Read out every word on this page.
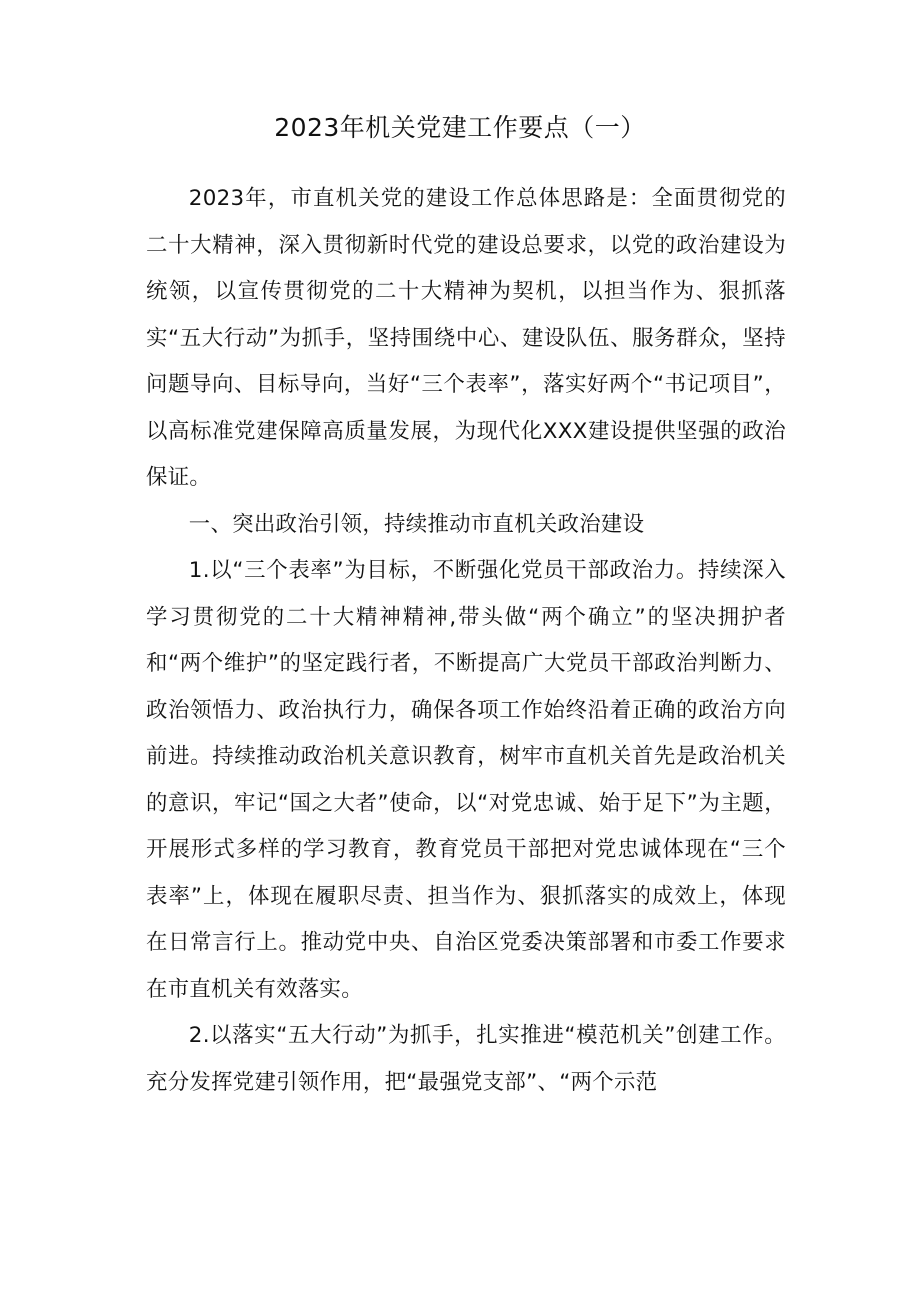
2023年机关党建工作要点（一）

2023年，市直机关党的建设工作总体思路是：全面贯彻党的二十大精神，深入贯彻新时代党的建设总要求，以党的政治建设为统领，以宣传贯彻党的二十大精神为契机，以担当作为、狠抓落实“五大行动”为抓手，坚持围绕中心、建设队伍、服务群众，坚持问题导向、目标导向，当好“三个表率”，落实好两个“书记项目”，以高标准党建保障高质量发展，为现代化XXX建设提供坚强的政治保证。

一、突出政治引领，持续推动市直机关政治建设

1.以“三个表率”为目标，不断强化党员干部政治力。持续深入学习贯彻党的二十大精神精神,带头做“两个确立”的坚决拥护者和“两个维护”的坚定践行者，不断提高广大党员干部政治判断力、政治领悟力、政治执行力，确保各项工作始终沿着正确的政治方向前进。持续推动政治机关意识教育，树牢市直机关首先是政治机关的意识，牢记“国之大者”使命，以“对党忠诚、始于足下”为主题，开展形式多样的学习教育，教育党员干部把对党忠诚体现在“三个表率”上，体现在履职尽责、担当作为、狠抓落实的成效上，体现在日常言行上。推动党中央、自治区党委决策部署和市委工作要求在市直机关有效落实。

2.以落实“五大行动”为抓手，扎实推进“模范机关”创建工作。充分发挥党建引领作用，把“最强党支部”、“两个示范
